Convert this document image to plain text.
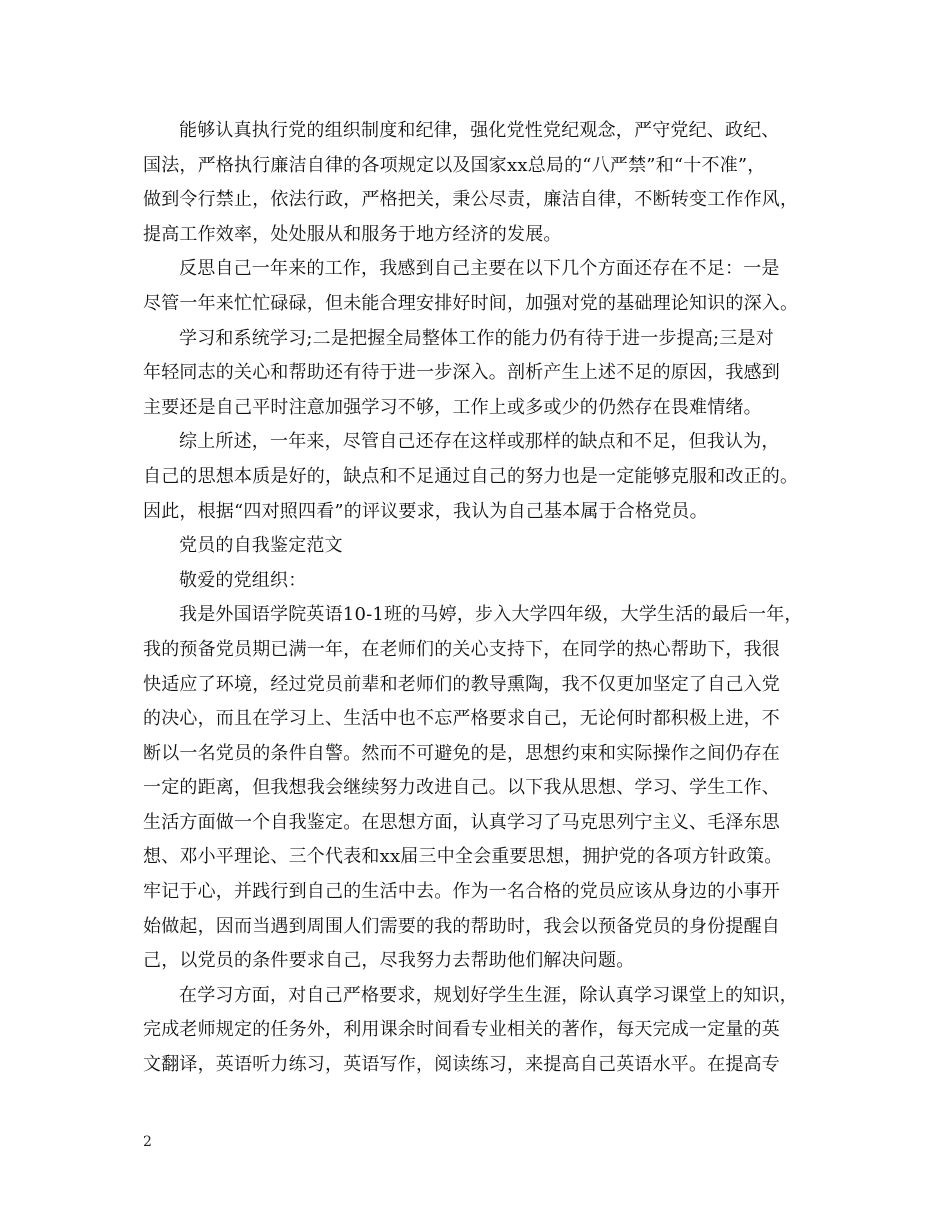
能够认真执行党的组织制度和纪律，强化党性党纪观念，严守党纪、政纪、
国法，严格执行廉洁自律的各项规定以及国家xx总局的“八严禁”和“十不准”，
做到令行禁止，依法行政，严格把关，秉公尽责，廉洁自律，不断转变工作作风，
提高工作效率，处处服从和服务于地方经济的发展。
反思自己一年来的工作，我感到自己主要在以下几个方面还存在不足：一是
尽管一年来忙忙碌碌，但未能合理安排好时间，加强对党的基础理论知识的深入。
学习和系统学习;二是把握全局整体工作的能力仍有待于进一步提高;三是对
年轻同志的关心和帮助还有待于进一步深入。剖析产生上述不足的原因，我感到
主要还是自己平时注意加强学习不够，工作上或多或少的仍然存在畏难情绪。
综上所述，一年来，尽管自己还存在这样或那样的缺点和不足，但我认为，
自己的思想本质是好的，缺点和不足通过自己的努力也是一定能够克服和改正的。
因此，根据“四对照四看”的评议要求，我认为自己基本属于合格党员。
党员的自我鉴定范文
敬爱的党组织：
我是外国语学院英语10-1班的马婷，步入大学四年级，大学生活的最后一年，
我的预备党员期已满一年，在老师们的关心支持下，在同学的热心帮助下，我很
快适应了环境，经过党员前辈和老师们的教导熏陶，我不仅更加坚定了自己入党
的决心，而且在学习上、生活中也不忘严格要求自己，无论何时都积极上进，不
断以一名党员的条件自警。然而不可避免的是，思想约束和实际操作之间仍存在
一定的距离，但我想我会继续努力改进自己。以下我从思想、学习、学生工作、
生活方面做一个自我鉴定。在思想方面，认真学习了马克思列宁主义、毛泽东思
想、邓小平理论、三个代表和xx届三中全会重要思想，拥护党的各项方针政策。
牢记于心，并践行到自己的生活中去。作为一名合格的党员应该从身边的小事开
始做起，因而当遇到周围人们需要的我的帮助时，我会以预备党员的身份提醒自
己，以党员的条件要求自己，尽我努力去帮助他们解决问题。
在学习方面，对自己严格要求，规划好学生生涯，除认真学习课堂上的知识，
完成老师规定的任务外，利用课余时间看专业相关的著作，每天完成一定量的英
文翻译，英语听力练习，英语写作，阅读练习，来提高自己英语水平。在提高专
2
